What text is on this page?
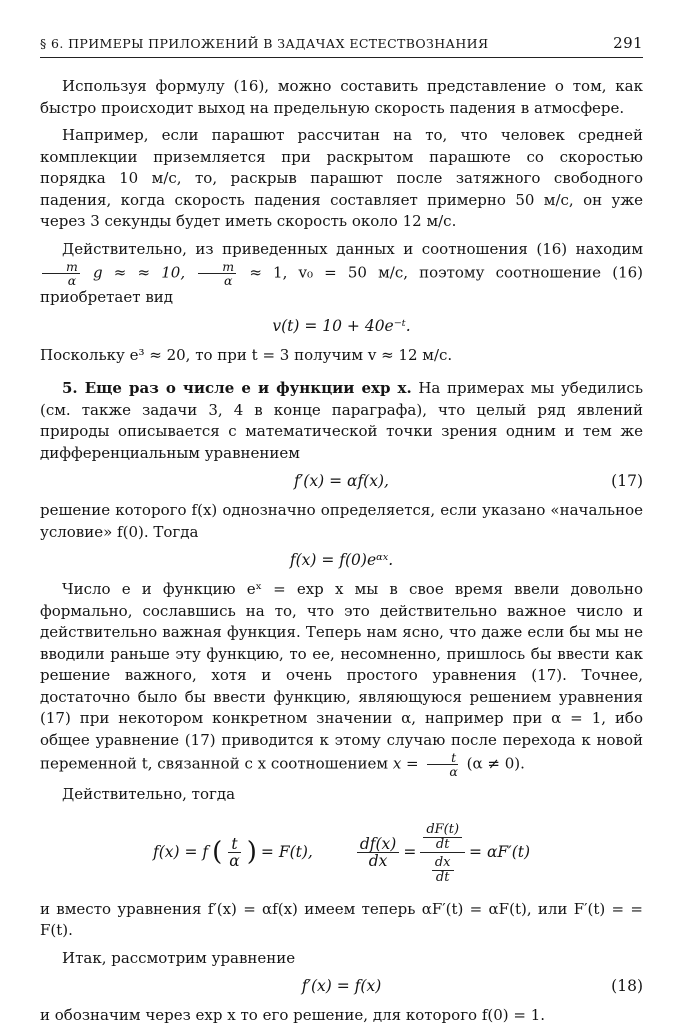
§ 6. ПРИМЕРЫ ПРИЛОЖЕНИЙ В ЗАДАЧАХ ЕСТЕСТВОЗНАНИЯ	291

Используя формулу (16), можно составить представление о том, как быстро происходит выход на предельную скорость падения в атмосфере.

Например, если парашют рассчитан на то, что человек средней комплекции приземляется при раскрытом парашюте со скоростью порядка 10 м/с, то, раскрыв парашют после затяжного свободного падения, когда скорость падения составляет примерно 50 м/с, он уже через 3 секунды будет иметь скорость около 12 м/с.

Действительно, из приведенных данных и соотношения (16) находим
$\frac{m}{\alpha}$ g ≈ ≈ 10, $\frac{m}{\alpha} \approx 1$, v₀ = 50 м/с, поэтому соотношение (16) приобретает вид

v(t) = 10 + 40e⁻ᵗ.

Поскольку e³ ≈ 20, то при t = 3 получим v ≈ 12 м/с.

5. Еще раз о числе e и функции exp x. На примерах мы убедились (см. также задачи 3, 4 в конце параграфа), что целый ряд явлений природы описывается с математической точки зрения одним и тем же дифференциальным уравнением

f′(x) = αf(x),	(17)

решение которого f(x) однозначно определяется, если указано «начальное условие» f(0). Тогда

f(x) = f(0)eᵅˣ.

Число e и функцию eˣ = exp x мы в свое время ввели довольно формально, сославшись на то, что это действительно важное число и действительно важная функция. Теперь нам ясно, что даже если бы мы не вводили раньше эту функцию, то ее, несомненно, пришлось бы ввести как решение важного, хотя и очень простого уравнения (17). Точнее, достаточно было бы ввести функцию, являющуюся решением уравнения (17) при некотором конкретном значении α, например при α = 1, ибо общее уравнение (17) приводится к этому случаю после перехода к новой переменной t, связанной с x соотношением $x = \frac{t}{\alpha} (\alpha \ne 0)$.

Действительно, тогда

f(x) = f ( $\frac{t}{\alpha}$ ) = F(t),	$\frac{df(x)}{dx} = \frac{\frac{dF(t)}{dt}}{\frac{dx}{dt}} = \alpha F'(t)$

и вместо уравнения f′(x) = αf(x) имеем теперь αF′(t) = αF(t), или F′(t) = = F(t).

Итак, рассмотрим уравнение

f′(x) = f(x)	(18)

и обозначим через exp x то его решение, для которого f(0) = 1.
